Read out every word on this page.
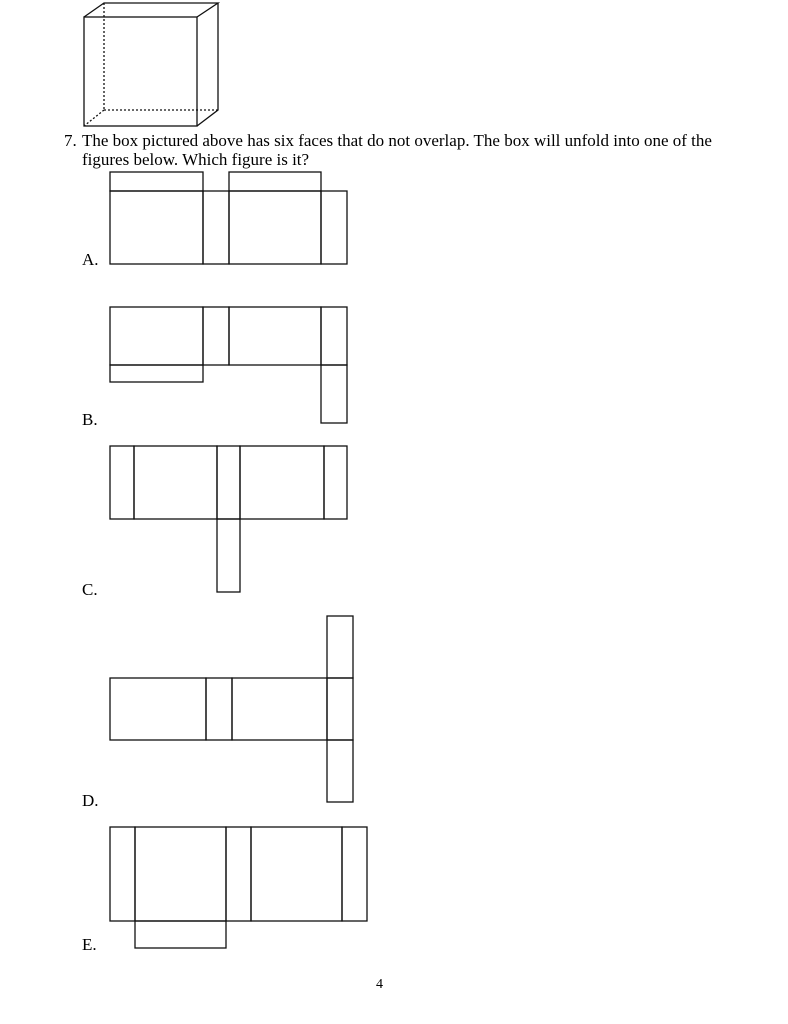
7. The box pictured above has six faces that do not overlap. The box will unfold into one of the figures below. Which figure is it?
A.
B.
C.
D.
E.
4
